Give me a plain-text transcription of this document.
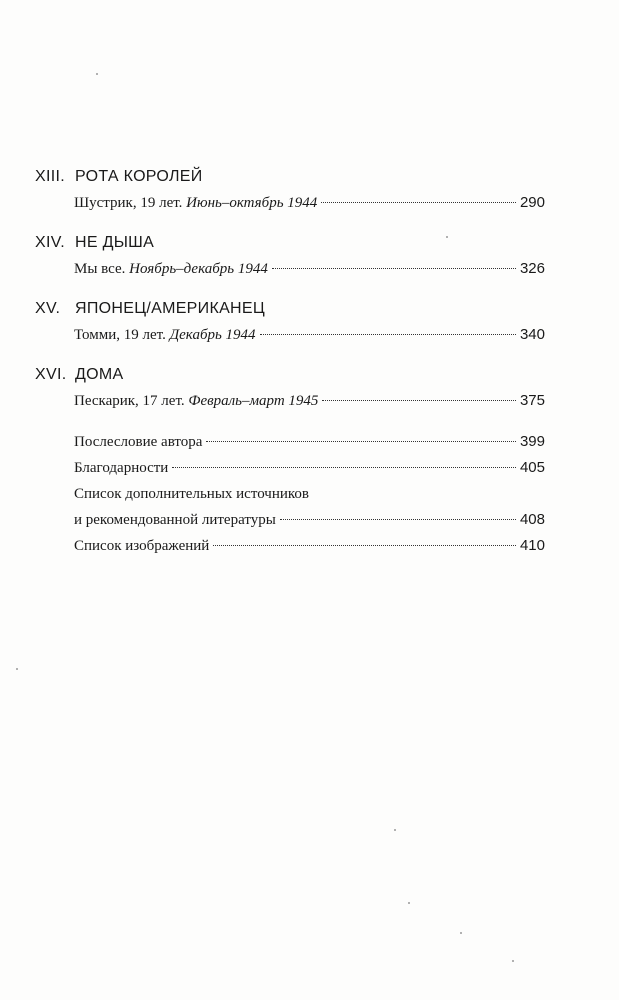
XIII. РОТА КОРОЛЕЙ
Шустрик, 19 лет. Июнь–октябрь 1944	290
XIV. НЕ ДЫША
Мы все. Ноябрь–декабрь 1944	326
XV. ЯПОНЕЦ/АМЕРИКАНЕЦ
Томми, 19 лет. Декабрь 1944	340
XVI. ДОМА
Пескарик, 17 лет. Февраль–март 1945	375
Послесловие автора	399
Благодарности	405
Список дополнительных источников
и рекомендованной литературы	408
Список изображений	410
